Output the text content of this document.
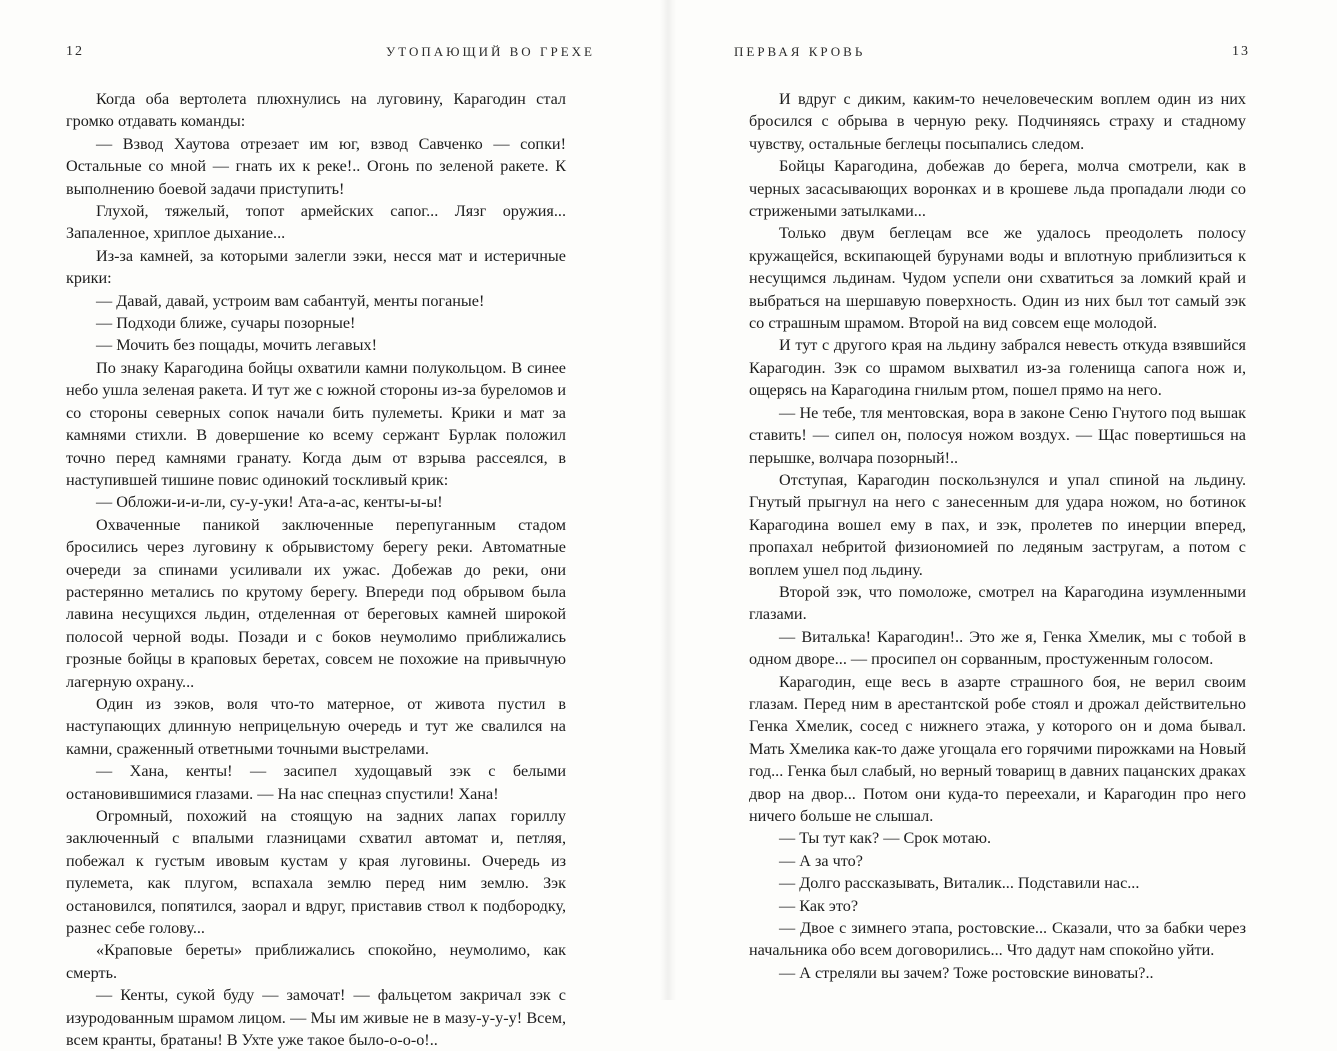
12	УТОПАЮЩИЙ ВО ГРЕХЕ

Когда оба вертолета плюхнулись на луговину, Карагодин стал громко отдавать команды:

— Взвод Хаутова отрезает им юг, взвод Савченко — сопки! Остальные со мной — гнать их к реке!.. Огонь по зеленой ракете. К выполнению боевой задачи приступить!

Глухой, тяжелый, топот армейских сапог... Лязг оружия... Запаленное, хриплое дыхание...

Из-за камней, за которыми залегли зэки, несся мат и истеричные крики:

— Давай, давай, устроим вам сабантуй, менты поганые!

— Подходи ближе, сучары позорные!

— Мочить без пощады, мочить легавых!

По знаку Карагодина бойцы охватили камни полукольцом. В синее небо ушла зеленая ракета. И тут же с южной стороны из-за буреломов и со стороны северных сопок начали бить пулеметы. Крики и мат за камнями стихли. В довершение ко всему сержант Бурлак положил точно перед камнями гранату. Когда дым от взрыва рассеялся, в наступившей тишине повис одинокий тоскливый крик:

— Обложи-и-и-ли, су-у-уки! Ата-а-ас, кенты-ы-ы!

Охваченные паникой заключенные перепуганным стадом бросились через луговину к обрывистому берегу реки. Автоматные очереди за спинами усиливали их ужас. Добежав до реки, они растерянно метались по крутому берегу. Впереди под обрывом была лавина несущихся льдин, отделенная от береговых камней широкой полосой черной воды. Позади и с боков неумолимо приближались грозные бойцы в краповых беретах, совсем не похожие на привычную лагерную охрану...

Один из зэков, воля что-то матерное, от живота пустил в наступающих длинную неприцельную очередь и тут же свалился на камни, сраженный ответными точными выстрелами.

— Хана, кенты! — засипел худощавый зэк с белыми остановившимися глазами. — На нас спецназ спустили! Хана!

Огромный, похожий на стоящую на задних лапах гориллу заключенный с впалыми глазницами схватил автомат и, петляя, побежал к густым ивовым кустам у края луговины. Очередь из пулемета, как плугом, вспахала землю перед ним землю. Зэк остановился, попятился, заорал и вдруг, приставив ствол к подбородку, разнес себе голову...

«Краповые береты» приближались спокойно, неумолимо, как смерть.

— Кенты, сукой буду — замочат! — фальцетом закричал зэк с изуродованным шрамом лицом. — Мы им живые не в мазу-у-у-у! Всем, всем кранты, братаны! В Ухте уже такое было-о-о-о!..

ПЕРВАЯ КРОВЬ	13

И вдруг с диким, каким-то нечеловеческим воплем один из них бросился с обрыва в черную реку. Подчиняясь страху и стадному чувству, остальные беглецы посыпались следом.

Бойцы Карагодина, добежав до берега, молча смотрели, как в черных засасывающих воронках и в крошеве льда пропадали люди со стрижеными затылками...

Только двум беглецам все же удалось преодолеть полосу кружащейся, вскипающей бурунами воды и вплотную приблизиться к несущимся льдинам. Чудом успели они схватиться за ломкий край и выбраться на шершавую поверхность. Один из них был тот самый зэк со страшным шрамом. Второй на вид совсем еще молодой.

И тут с другого края на льдину забрался невесть откуда взявшийся Карагодин. Зэк со шрамом выхватил из-за голенища сапога нож и, ощерясь на Карагодина гнилым ртом, пошел прямо на него.

— Не тебе, тля ментовская, вора в законе Сеню Гнутого под вышак ставить! — сипел он, полосуя ножом воздух. — Щас повертишься на перышке, волчара позорный!..

Отступая, Карагодин поскользнулся и упал спиной на льдину. Гнутый прыгнул на него с занесенным для удара ножом, но ботинок Карагодина вошел ему в пах, и зэк, пролетев по инерции вперед, пропахал небритой физиономией по ледяным застругам, а потом с воплем ушел под льдину.

Второй зэк, что помоложе, смотрел на Карагодина изумленными глазами.

— Виталька! Карагодин!.. Это же я, Генка Хмелик, мы с тобой в одном дворе... — просипел он сорванным, простуженным голосом.

Карагодин, еще весь в азарте страшного боя, не верил своим глазам. Перед ним в арестантской робе стоял и дрожал действительно Генка Хмелик, сосед с нижнего этажа, у которого он и дома бывал. Мать Хмелика как-то даже угощала его горячими пирожками на Новый год... Генка был слабый, но верный товарищ в давних пацанских драках двор на двор... Потом они куда-то переехали, и Карагодин про него ничего больше не слышал.

— Ты тут как? — Срок мотаю.

— А за что?

— Долго рассказывать, Виталик... Подставили нас...

— Как это?

— Двое с зимнего этапа, ростовские... Сказали, что за бабки через начальника обо всем договорились... Что дадут нам спокойно уйти.

— А стреляли вы зачем? Тоже ростовские виноваты?..
